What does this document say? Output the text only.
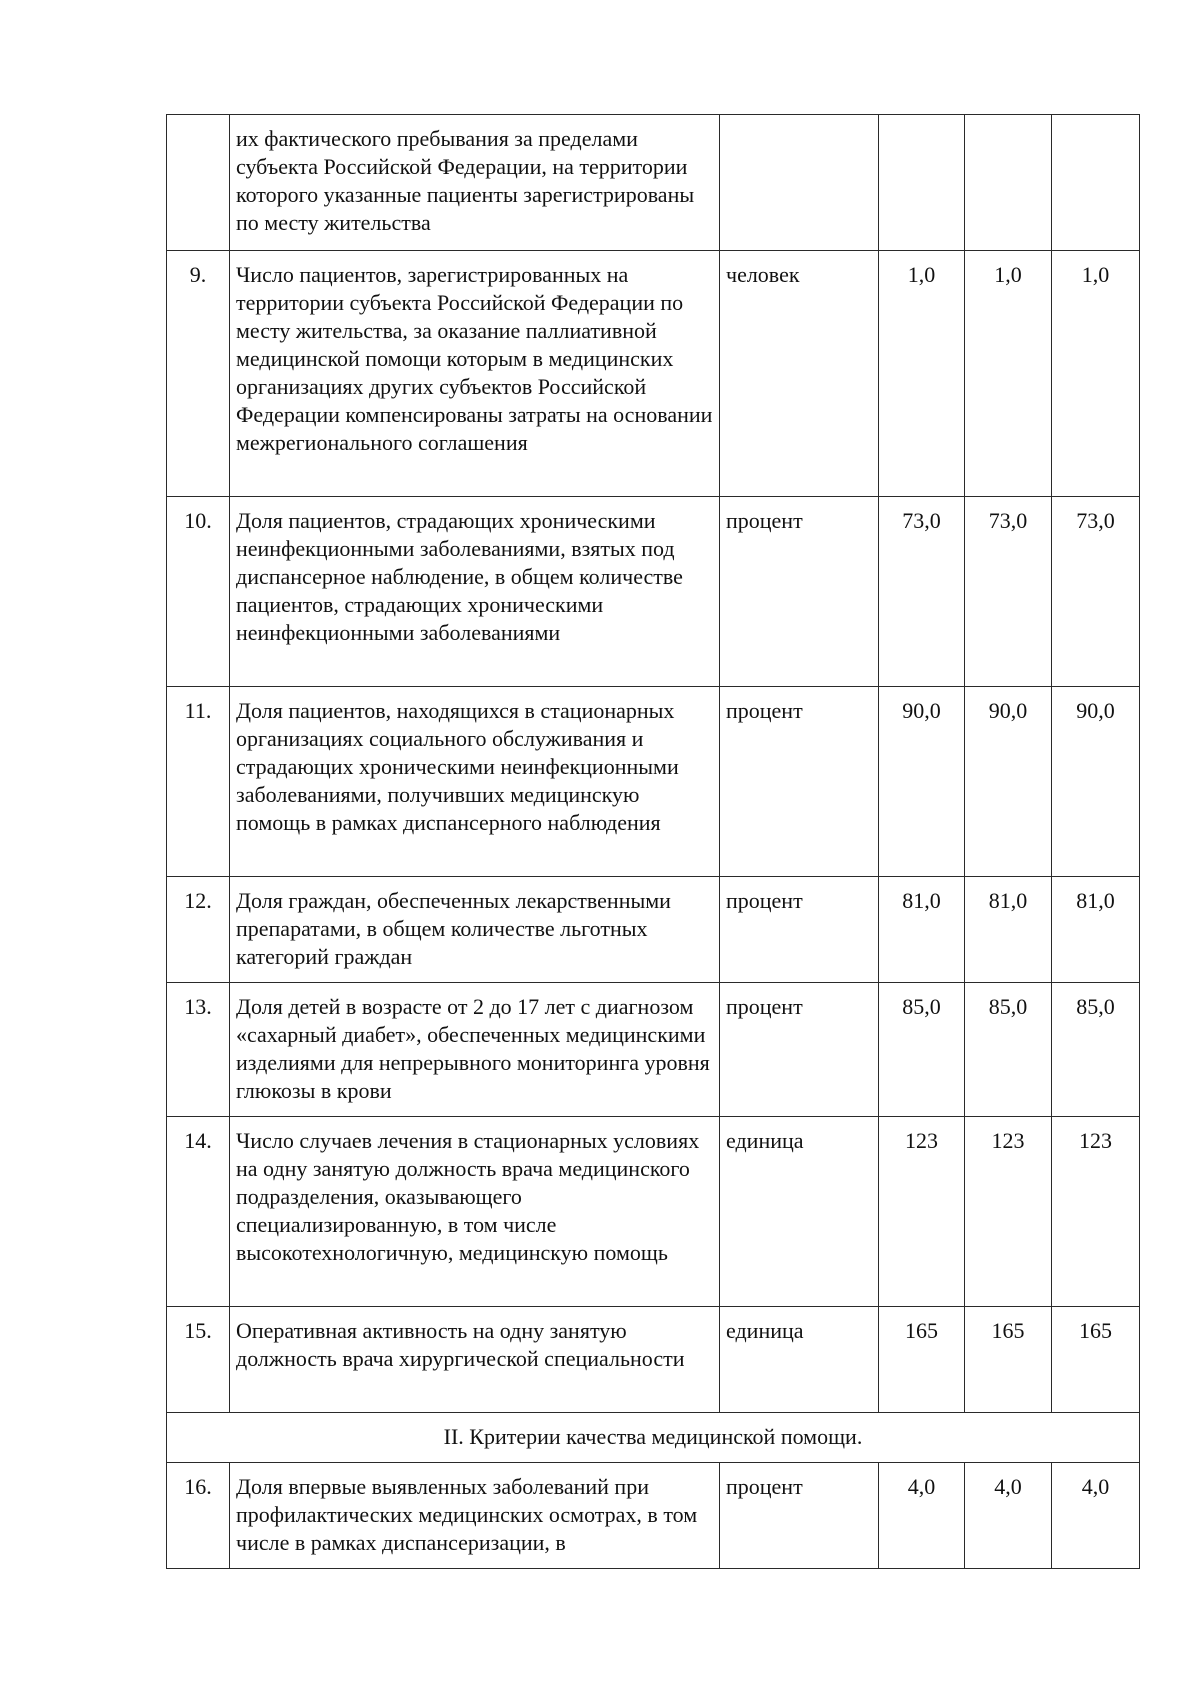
	их фактического пребывания за пределами субъекта Российской Федерации, на территории которого указанные пациенты зарегистрированы по месту жительства				
9.	Число пациентов, зарегистрированных на территории субъекта Российской Федерации по месту жительства, за оказание паллиативной медицинской помощи которым в медицинских организациях других субъектов Российской Федерации компенсированы затраты на основании межрегионального соглашения	человек	1,0	1,0	1,0
10.	Доля пациентов, страдающих хроническими неинфекционными заболеваниями, взятых под диспансерное наблюдение, в общем количестве пациентов, страдающих хроническими неинфекционными заболеваниями	процент	73,0	73,0	73,0
11.	Доля пациентов, находящихся в стационарных организациях социального обслуживания и страдающих хроническими неинфекционными заболеваниями, получивших медицинскую помощь в рамках диспансерного наблюдения	процент	90,0	90,0	90,0
12.	Доля граждан, обеспеченных лекарственными препаратами, в общем количестве льготных категорий граждан	процент	81,0	81,0	81,0
13.	Доля детей в возрасте от 2 до 17 лет с диагнозом «сахарный диабет», обеспеченных медицинскими изделиями для непрерывного мониторинга уровня глюкозы в крови	процент	85,0	85,0	85,0
14.	Число случаев лечения в стационарных условиях на одну занятую должность врача медицинского подразделения, оказывающего специализированную, в том числе высокотехнологичную, медицинскую помощь	единица	123	123	123
15.	Оперативная активность на одну занятую должность врача хирургической специальности	единица	165	165	165
II. Критерии качества медицинской помощи.					
16.	Доля впервые выявленных заболеваний при профилактических медицинских осмотрах, в том числе в рамках диспансеризации, в	процент	4,0	4,0	4,0
